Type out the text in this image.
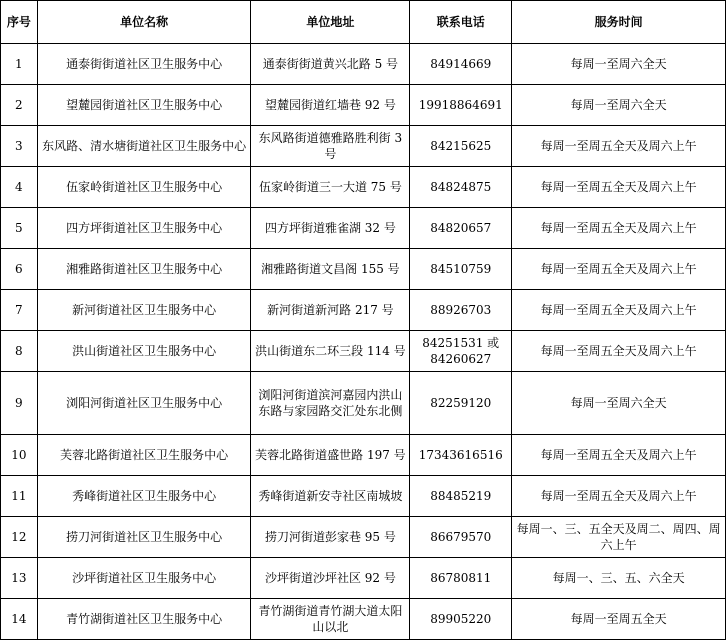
序号	单位名称	单位地址	联系电话	服务时间
1	通泰街街道社区卫生服务中心	通泰街街道黄兴北路 5 号	84914669	每周一至周六全天
2	望麓园街道社区卫生服务中心	望麓园街道红墙巷 92 号	19918864691	每周一至周六全天
3	东风路、清水塘街道社区卫生服务中心	东风路街道德雅路胜利街 3 号	84215625	每周一至周五全天及周六上午
4	伍家岭街道社区卫生服务中心	伍家岭街道三一大道 75 号	84824875	每周一至周五全天及周六上午
5	四方坪街道社区卫生服务中心	四方坪街道雅雀湖 32 号	84820657	每周一至周五全天及周六上午
6	湘雅路街道社区卫生服务中心	湘雅路街道文昌阁 155 号	84510759	每周一至周五全天及周六上午
7	新河街道社区卫生服务中心	新河街道新河路 217 号	88926703	每周一至周五全天及周六上午
8	洪山街道社区卫生服务中心	洪山街道东二环三段 114 号	84251531 或 84260627	每周一至周五全天及周六上午
9	浏阳河街道社区卫生服务中心	浏阳河街道滨河嘉园内洪山东路与家园路交汇处东北侧	82259120	每周一至周六全天
10	芙蓉北路街道社区卫生服务中心	芙蓉北路街道盛世路 197 号	17343616516	每周一至周五全天及周六上午
11	秀峰街道社区卫生服务中心	秀峰街道新安寺社区南城坡	88485219	每周一至周五全天及周六上午
12	捞刀河街道社区卫生服务中心	捞刀河街道彭家巷 95 号	86679570	每周一、三、五全天及周二、周四、周六上午
13	沙坪街道社区卫生服务中心	沙坪街道沙坪社区 92 号	86780811	每周一、三、五、六全天
14	青竹湖街道社区卫生服务中心	青竹湖街道青竹湖大道太阳山以北	89905220	每周一至周五全天
